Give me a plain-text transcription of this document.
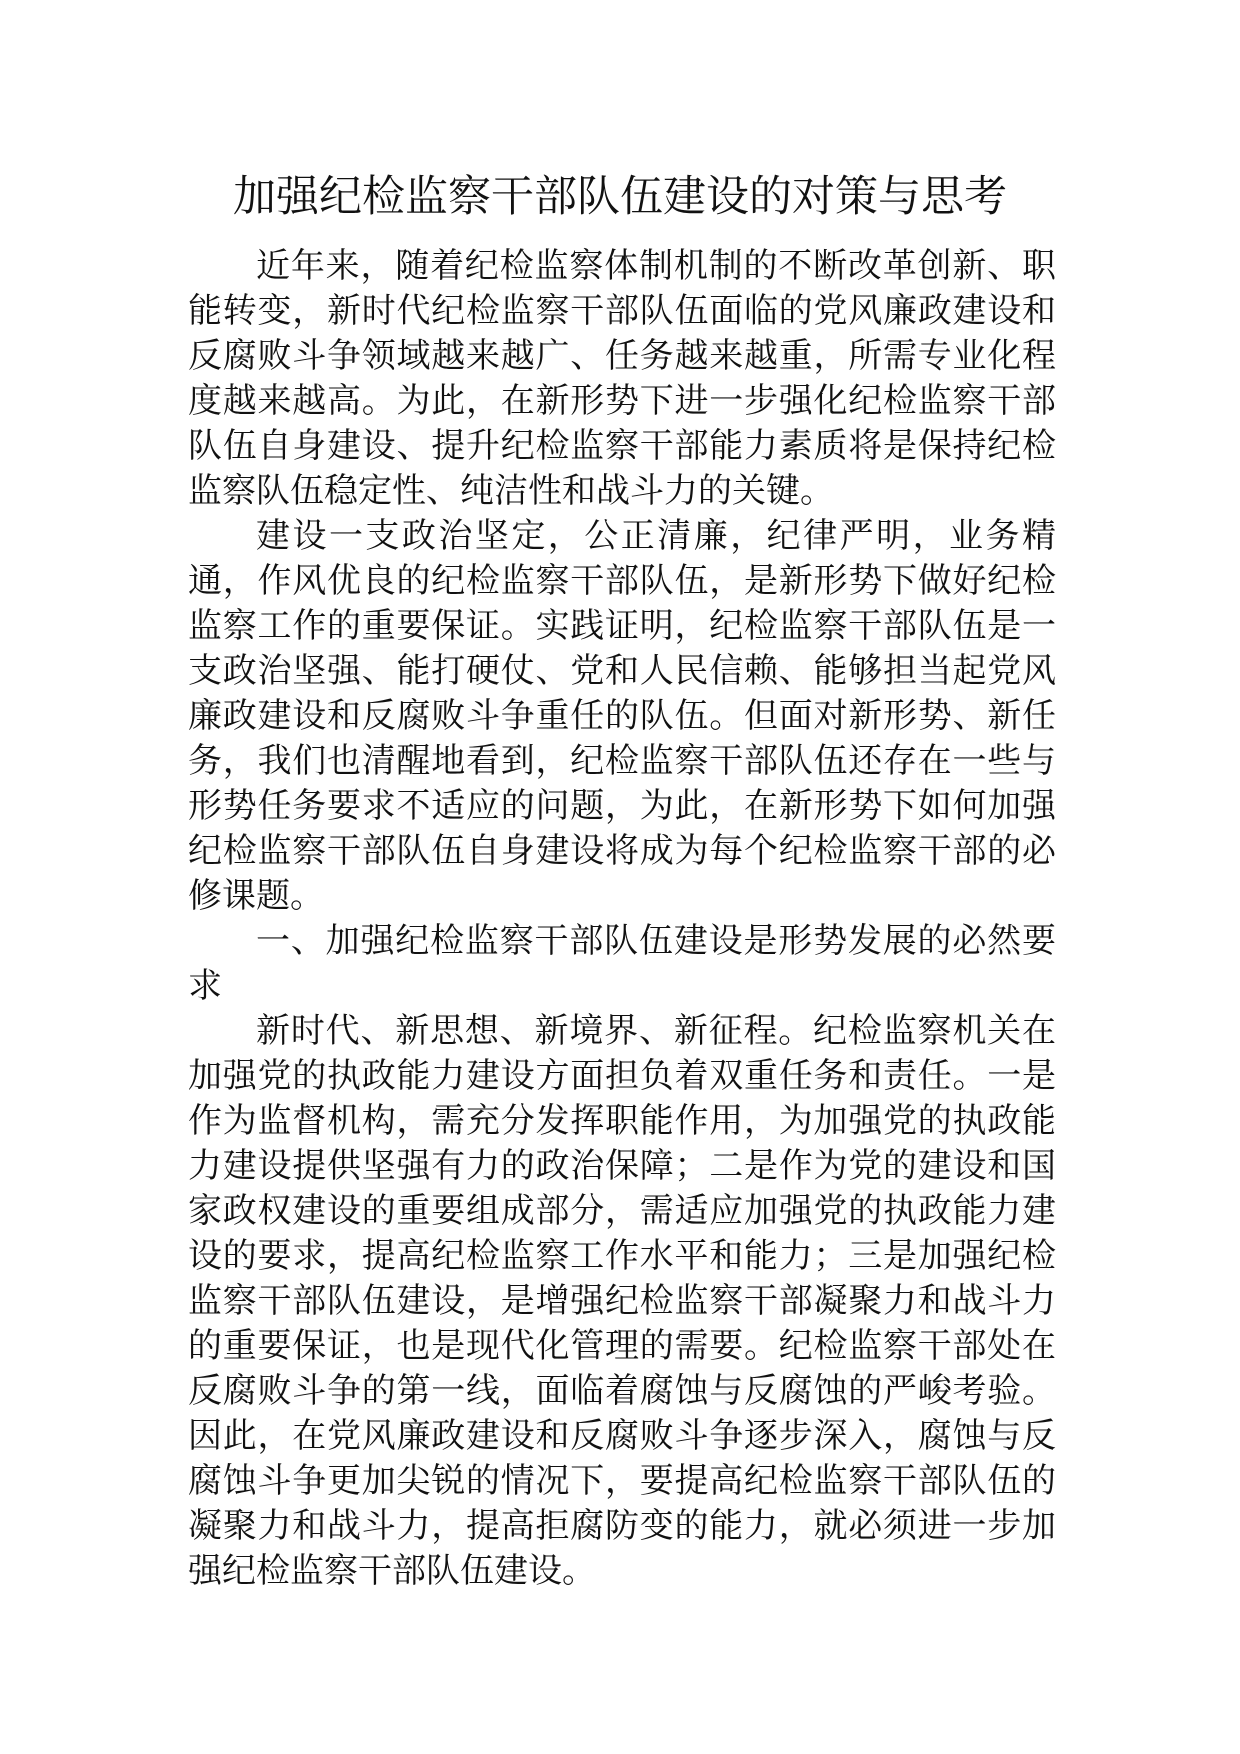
加强纪检监察干部队伍建设的对策与思考

近年来，随着纪检监察体制机制的不断改革创新、职能转变，新时代纪检监察干部队伍面临的党风廉政建设和反腐败斗争领域越来越广、任务越来越重，所需专业化程度越来越高。为此，在新形势下进一步强化纪检监察干部队伍自身建设、提升纪检监察干部能力素质将是保持纪检监察队伍稳定性、纯洁性和战斗力的关键。

建设一支政治坚定，公正清廉，纪律严明，业务精通，作风优良的纪检监察干部队伍，是新形势下做好纪检监察工作的重要保证。实践证明，纪检监察干部队伍是一支政治坚强、能打硬仗、党和人民信赖、能够担当起党风廉政建设和反腐败斗争重任的队伍。但面对新形势、新任务，我们也清醒地看到，纪检监察干部队伍还存在一些与形势任务要求不适应的问题，为此，在新形势下如何加强纪检监察干部队伍自身建设将成为每个纪检监察干部的必修课题。

一、加强纪检监察干部队伍建设是形势发展的必然要求

新时代、新思想、新境界、新征程。纪检监察机关在加强党的执政能力建设方面担负着双重任务和责任。一是作为监督机构，需充分发挥职能作用，为加强党的执政能力建设提供坚强有力的政治保障；二是作为党的建设和国家政权建设的重要组成部分，需适应加强党的执政能力建设的要求，提高纪检监察工作水平和能力；三是加强纪检监察干部队伍建设，是增强纪检监察干部凝聚力和战斗力的重要保证，也是现代化管理的需要。纪检监察干部处在反腐败斗争的第一线，面临着腐蚀与反腐蚀的严峻考验。因此，在党风廉政建设和反腐败斗争逐步深入，腐蚀与反腐蚀斗争更加尖锐的情况下，要提高纪检监察干部队伍的凝聚力和战斗力，提高拒腐防变的能力，就必须进一步加强纪检监察干部队伍建设。
